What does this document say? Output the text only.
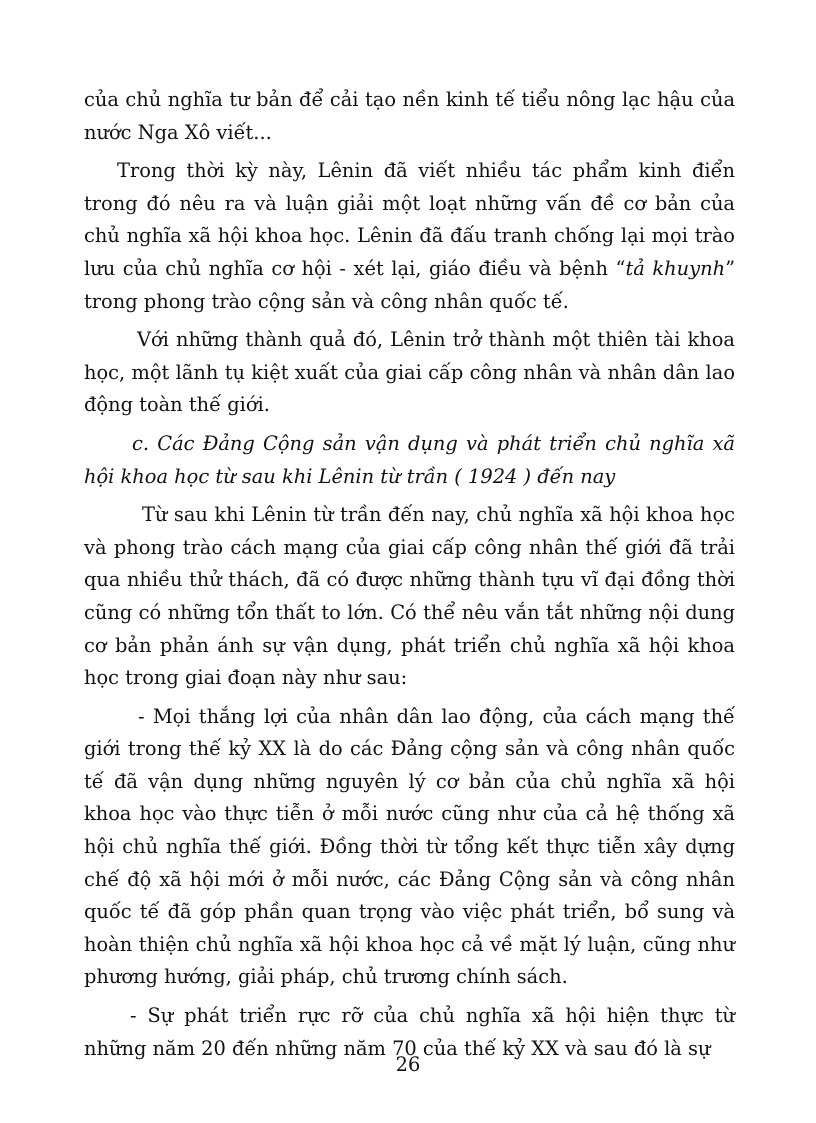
của chủ nghĩa tư bản để cải tạo nền kinh tế tiểu nông lạc hậu của nước Nga Xô viết...

Trong thời kỳ này, Lênin đã viết nhiều tác phẩm kinh điển trong đó nêu ra và luận giải một loạt những vấn đề cơ bản của chủ nghĩa xã hội khoa học. Lênin đã đấu tranh chống lại mọi trào lưu của chủ nghĩa cơ hội - xét lại, giáo điều và bệnh “tả khuynh” trong phong trào cộng sản và công nhân quốc tế.

Với những thành quả đó, Lênin trở thành một thiên tài khoa học, một lãnh tụ kiệt xuất của giai cấp công nhân và nhân dân lao động toàn thế giới.

c. Các Đảng Cộng sản vận dụng và phát triển chủ nghĩa xã hội khoa học từ sau khi Lênin từ trần ( 1924 ) đến nay

Từ sau khi Lênin từ trần đến nay, chủ nghĩa xã hội khoa học và phong trào cách mạng của giai cấp công nhân thế giới đã trải qua nhiều thử thách, đã có được những thành tựu vĩ đại đồng thời cũng có những tổn thất to lớn. Có thể nêu vắn tắt những nội dung cơ bản phản ánh sự vận dụng, phát triển chủ nghĩa xã hội khoa học trong giai đoạn này như sau:

- Mọi thắng lợi của nhân dân lao động, của cách mạng thế giới trong thế kỷ XX là do các Đảng cộng sản và công nhân quốc tế đã vận dụng những nguyên lý cơ bản của chủ nghĩa xã hội khoa học vào thực tiễn ở mỗi nước cũng như của cả hệ thống xã hội chủ nghĩa thế giới. Đồng thời từ tổng kết thực tiễn xây dựng chế độ xã hội mới ở mỗi nước, các Đảng Cộng sản và công nhân quốc tế đã góp phần quan trọng vào việc phát triển, bổ sung và hoàn thiện chủ nghĩa xã hội khoa học cả về mặt lý luận, cũng như phương hướng, giải pháp, chủ trương chính sách.

- Sự phát triển rực rỡ của chủ nghĩa xã hội hiện thực từ những năm 20 đến những năm 70 của thế kỷ XX và sau đó là sự

26
